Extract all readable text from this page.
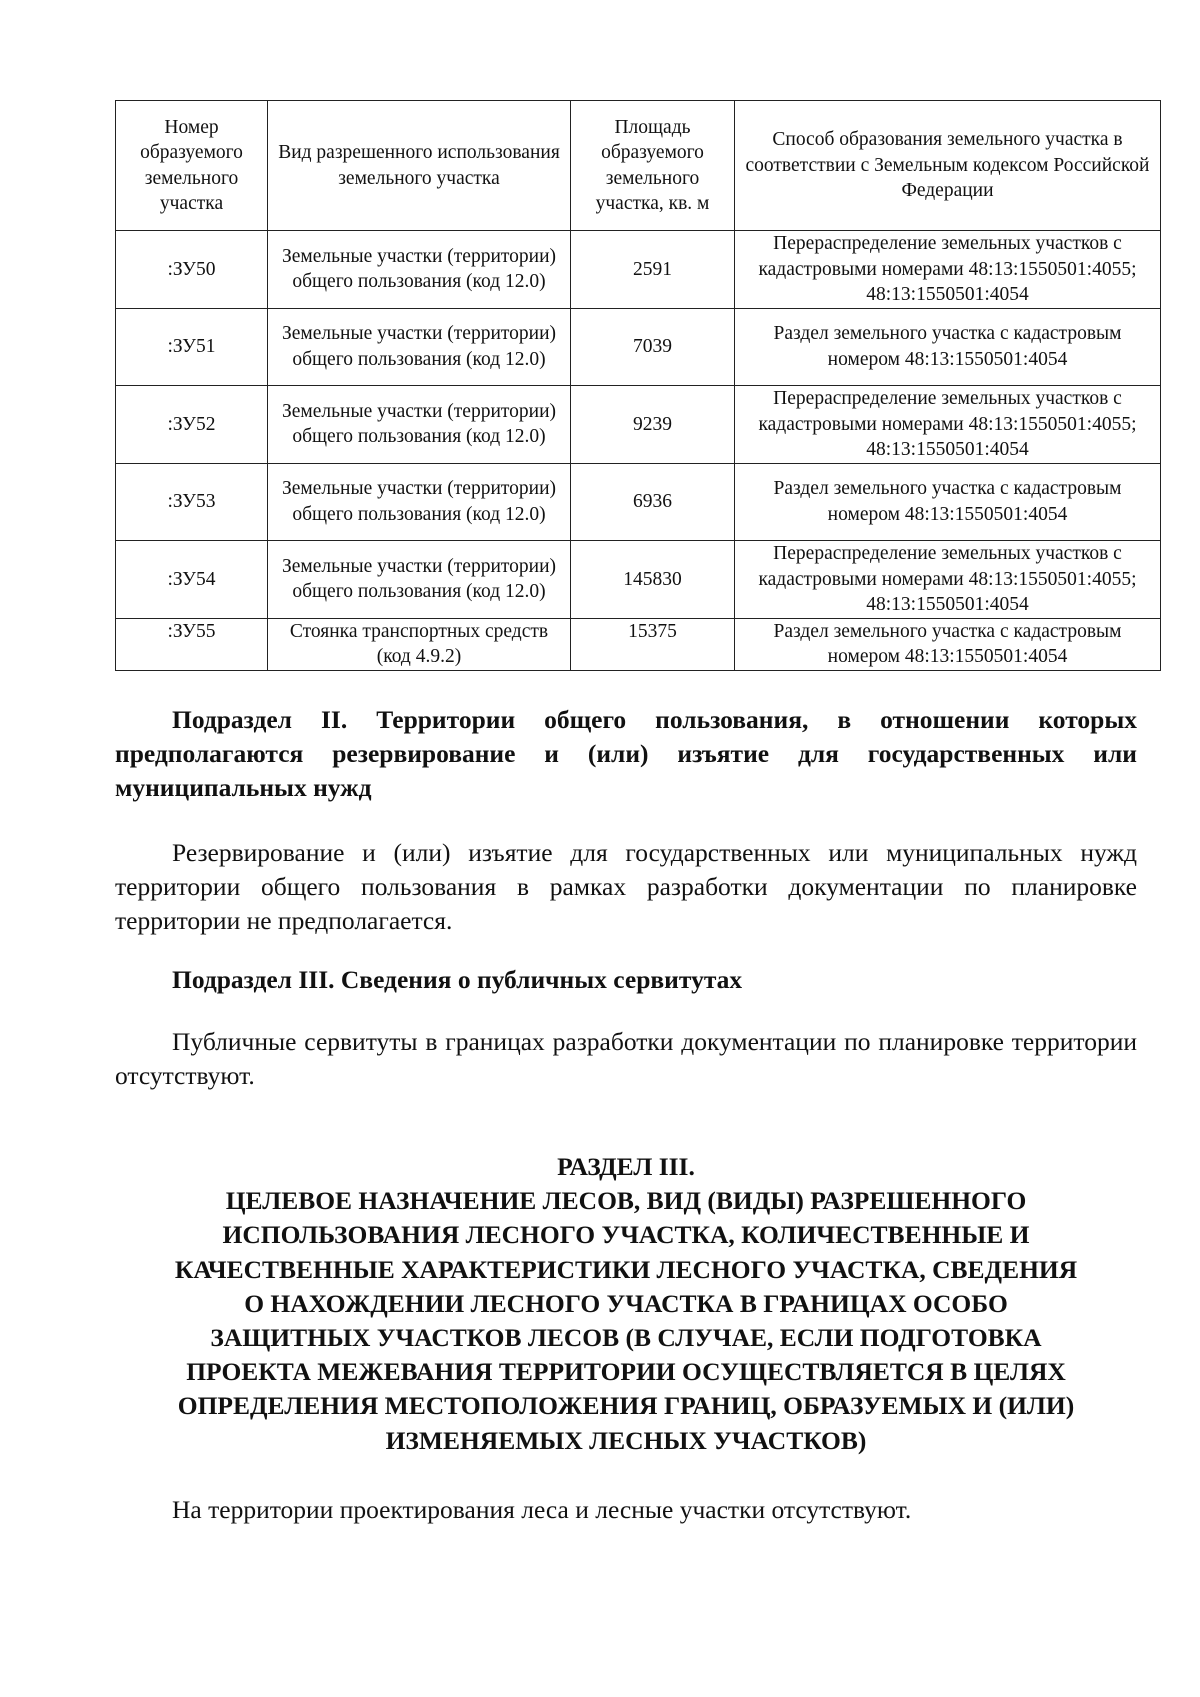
Номер образуемого земельного участка	Вид разрешенного использования земельного участка	Площадь образуемого земельного участка, кв. м	Способ образования земельного участка в соответствии с Земельным кодексом Российской Федерации
:ЗУ50	Земельные участки (территории) общего пользования (код 12.0)	2591	Перераспределение земельных участков с кадастровыми номерами 48:13:1550501:4055; 48:13:1550501:4054
:ЗУ51	Земельные участки (территории) общего пользования (код 12.0)	7039	Раздел земельного участка с кадастровым номером 48:13:1550501:4054
:ЗУ52	Земельные участки (территории) общего пользования (код 12.0)	9239	Перераспределение земельных участков с кадастровыми номерами 48:13:1550501:4055; 48:13:1550501:4054
:ЗУ53	Земельные участки (территории) общего пользования (код 12.0)	6936	Раздел земельного участка с кадастровым номером 48:13:1550501:4054
:ЗУ54	Земельные участки (территории) общего пользования (код 12.0)	145830	Перераспределение земельных участков с кадастровыми номерами 48:13:1550501:4055; 48:13:1550501:4054
:ЗУ55	Стоянка транспортных средств (код 4.9.2)	15375	Раздел земельного участка с кадастровым номером 48:13:1550501:4054
Подраздел II. Территории общего пользования, в отношении которых предполагаются резервирование и (или) изъятие для государственных или муниципальных нужд
Резервирование и (или) изъятие для государственных или муниципальных нужд территории общего пользования в рамках разработки документации по планировке территории не предполагается.
Подраздел III. Сведения о публичных сервитутах
Публичные сервитуты в границах разработки документации по планировке территории отсутствуют.
РАЗДЕЛ III.
ЦЕЛЕВОЕ НАЗНАЧЕНИЕ ЛЕСОВ, ВИД (ВИДЫ) РАЗРЕШЕННОГО
ИСПОЛЬЗОВАНИЯ ЛЕСНОГО УЧАСТКА, КОЛИЧЕСТВЕННЫЕ И
КАЧЕСТВЕННЫЕ ХАРАКТЕРИСТИКИ ЛЕСНОГО УЧАСТКА, СВЕДЕНИЯ
О НАХОЖДЕНИИ ЛЕСНОГО УЧАСТКА В ГРАНИЦАХ ОСОБО
ЗАЩИТНЫХ УЧАСТКОВ ЛЕСОВ (В СЛУЧАЕ, ЕСЛИ ПОДГОТОВКА
ПРОЕКТА МЕЖЕВАНИЯ ТЕРРИТОРИИ ОСУЩЕСТВЛЯЕТСЯ В ЦЕЛЯХ
ОПРЕДЕЛЕНИЯ МЕСТОПОЛОЖЕНИЯ ГРАНИЦ, ОБРАЗУЕМЫХ И (ИЛИ)
ИЗМЕНЯЕМЫХ ЛЕСНЫХ УЧАСТКОВ)
На территории проектирования леса и лесные участки отсутствуют.
